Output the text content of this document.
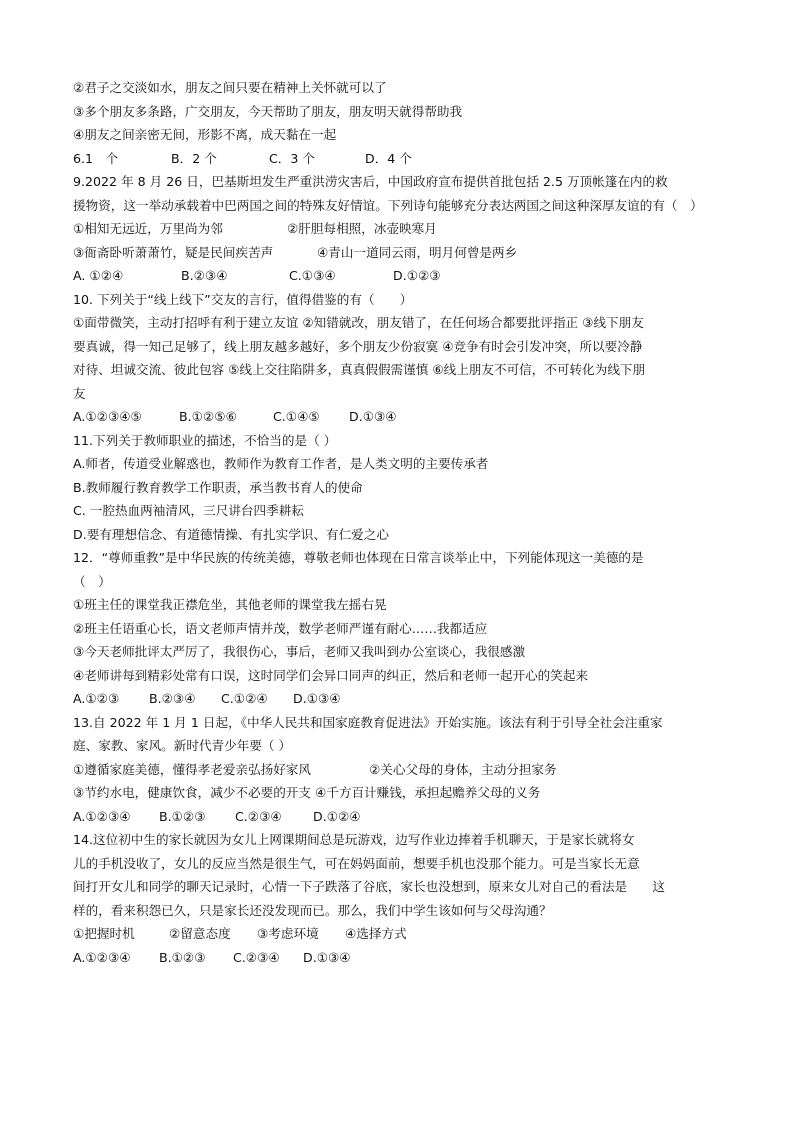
②君子之交淡如水，朋友之间只要在精神上关怀就可以了
③多个朋友多条路，广交朋友，今天帮助了朋友，朋友明天就得帮助我
④朋友之间亲密无间，形影不离，成天黏在一起
6.1　个	B．2 个	C．3 个	D．4 个
9.2022 年 8 月 26 日，巴基斯坦发生严重洪涝灾害后，中国政府宣布提供首批包括 2.5 万顶帐篷在内的救
援物资，这一举动承载着中巴两国之间的特殊友好情谊。下列诗句能够充分表达两国之间这种深厚友谊的有（　）
①相知无远近，万里尚为邻	②肝胆每相照，冰壶映寒月
③衙斋卧听萧萧竹，疑是民间疾苦声	④青山一道同云雨，明月何曾是两乡
A. ①②④	B.②③④	C.①③④	D.①②③
10. 下列关于“线上线下”交友的言行，值得借鉴的有（　　）
①面带微笑，主动打招呼有利于建立友谊 ②知错就改，朋友错了，在任何场合都要批评指正 ③线下朋友
要真诚，得一知己足够了，线上朋友越多越好，多个朋友少份寂寞 ④竞争有时会引发冲突，所以要冷静
对待、坦诚交流、彼此包容 ⑤线上交往陷阱多，真真假假需谨慎 ⑥线上朋友不可信，不可转化为线下朋
友
A.①②③④⑤	B.①②⑤⑥	C.①④⑤ D.①③④
11.下列关于教师职业的描述，不恰当的是（ ）
A.师者，传道受业解惑也，教师作为教育工作者，是人类文明的主要传承者
B.教师履行教育教学工作职责，承当教书育人的使命
C. 一腔热血两袖清风，三尺讲台四季耕耘
D.要有理想信念、有道德情操、有扎实学识、有仁爱之心
12．“尊师重教”是中华民族的传统美德，尊敬老师也体现在日常言谈举止中，下列能体现这一美德的是
（　）
①班主任的课堂我正襟危坐，其他老师的课堂我左摇右晃
②班主任语重心长，语文老师声情并茂，数学老师严谨有耐心……我都适应
③今天老师批评太严厉了，我很伤心，事后，老师又我叫到办公室谈心，我很感激
④老师讲每到精彩处常有口误，这时同学们会异口同声的纠正，然后和老师一起开心的笑起来
A.①②③ B.②③④ C.①②④ D.①③④
13.自 2022 年 1 月 1 日起，《中华人民共和国家庭教育促进法》开始实施。该法有利于引导全社会注重家
庭、家教、家风。新时代青少年要（ ）
①遵循家庭美德，懂得孝老爱亲弘扬好家风	②关心父母的身体，主动分担家务
③节约水电，健康饮食，减少不必要的开支 ④千方百计赚钱，承担起赡养父母的义务
A.①②③④ B.①②③ C.②③④ D.①②④
14.这位初中生的家长就因为女儿上网课期间总是玩游戏，边写作业边捧着手机聊天，于是家长就将女
儿的手机没收了，女儿的反应当然是很生气，可在妈妈面前，想要手机也没那个能力。可是当家长无意
间打开女儿和同学的聊天记录时，心情一下子跌落了谷底，家长也没想到，原来女儿对自己的看法是　　这
样的，看来积怨已久，只是家长还没发现而已。那么，我们中学生该如何与父母沟通？
①把握时机	②留意态度 ③考虑环境 ④选择方式
A.①②③④ B.①②③ C.②③④ D.①③④
